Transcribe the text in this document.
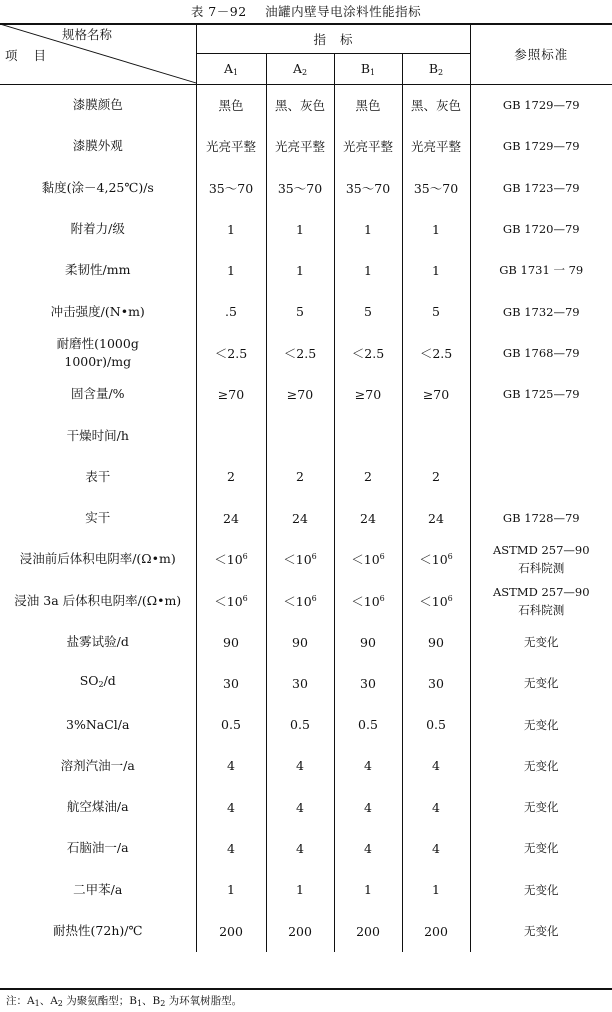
表 7－92 油罐内壁导电涂料性能指标
规格名称
项 目	指标				参照标准
	$A_1$	$A_2$	$B_1$	$B_2$
漆膜颜色	黑色	黑、灰色	黑色	黑、灰色	GB 1729—79
漆膜外观	光亮平整	光亮平整	光亮平整	光亮平整	GB 1729—79
黏度(涂－4,25℃)/s	35～70	35～70	35～70	35～70	GB 1723—79
附着力/级	1	1	1	1	GB 1720—79
柔韧性/mm	1	1	1	1	GB 1731 一 79
冲击强度/(N•m)	.5	5	5	5	GB 1732—79
耐磨性(1000g
1000r)/mg	＜2.5	＜2.5	＜2.5	＜2.5	GB 1768—79
固含量/%	≥70	≥70	≥70	≥70	GB 1725—79
干燥时间/h					
表干	2	2	2	2	
实干	24	24	24	24	GB 1728—79
浸油前后体积电阴率/(Ω•m)	$<10^6$	$<10^6$	$<10^6$	$<10^6$	ASTMD 257—90
石科院测
浸油 3a 后体积电阴率/(Ω•m)	$<10^6$	$<10^6$	$<10^6$	$<10^6$	ASTMD 257—90
石科院测
盐雾试验/d	90	90	90	90	无变化
$SO_2/d$	30	30	30	30	无变化
3%NaCl/a	0.5	0.5	0.5	0.5	无变化
溶剂汽油一/a	4	4	4	4	无变化
航空煤油/a	4	4	4	4	无变化
石脑油一/a	4	4	4	4	无变化
二甲苯/a	1	1	1	1	无变化
耐热性(72h)/℃	200	200	200	200	无变化
注：$A_1$、$A_2$ 为聚氨酯型；$B_1$、$B_2$ 为环氧树脂型。
